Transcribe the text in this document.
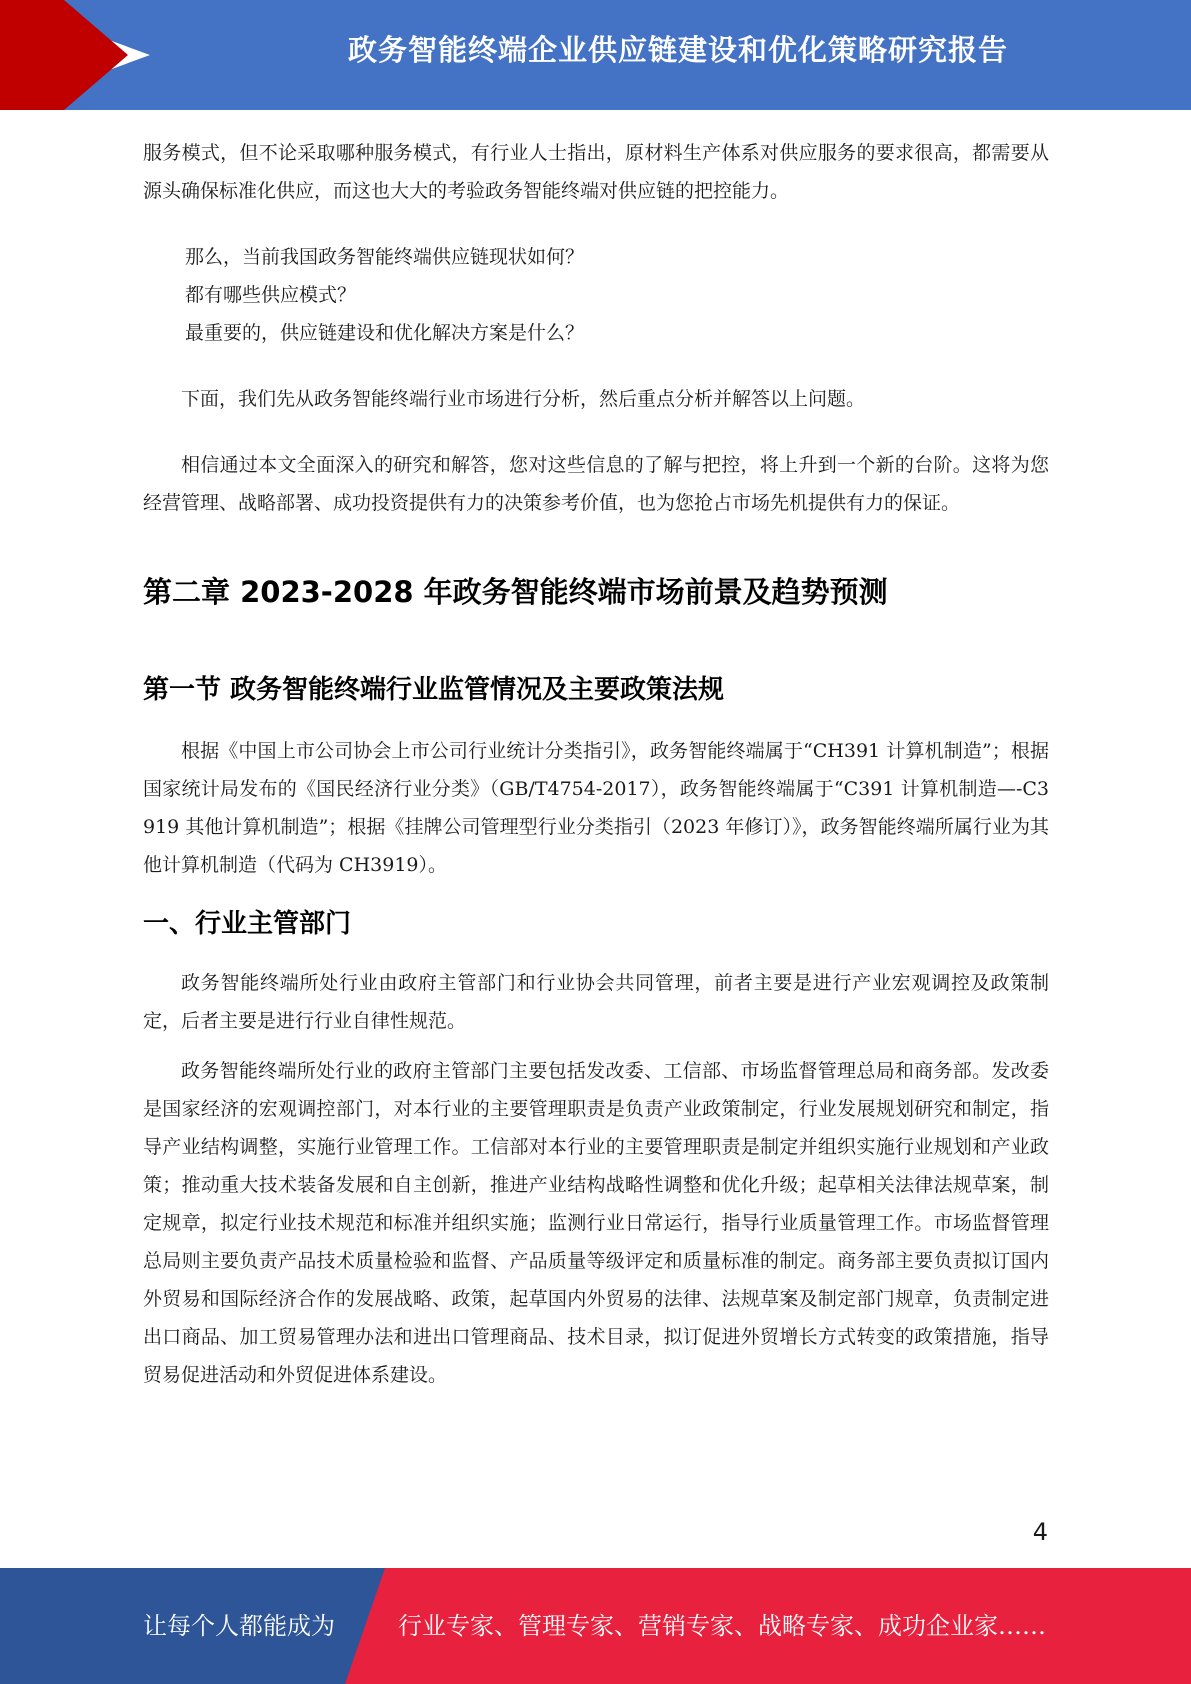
政务智能终端企业供应链建设和优化策略研究报告

服务模式，但不论采取哪种服务模式，有行业人士指出，原材料生产体系对供应服务的要求很高，都需要从源头确保标准化供应，而这也大大的考验政务智能终端对供应链的把控能力。

那么，当前我国政务智能终端供应链现状如何？

都有哪些供应模式？

最重要的，供应链建设和优化解决方案是什么？

下面，我们先从政务智能终端行业市场进行分析，然后重点分析并解答以上问题。

相信通过本文全面深入的研究和解答，您对这些信息的了解与把控，将上升到一个新的台阶。这将为您经营管理、战略部署、成功投资提供有力的决策参考价值，也为您抢占市场先机提供有力的保证。

第二章 2023-2028 年政务智能终端市场前景及趋势预测
第一节 政务智能终端行业监管情况及主要政策法规

根据《中国上市公司协会上市公司行业统计分类指引》，政务智能终端属于“CH391 计算机制造”；根据国家统计局发布的《国民经济行业分类》（GB/T4754-2017），政务智能终端属于“C391 计算机制造—-C3919 其他计算机制造”；根据《挂牌公司管理型行业分类指引（2023 年修订）》，政务智能终端所属行业为其他计算机制造（代码为 CH3919）。

一、行业主管部门

政务智能终端所处行业由政府主管部门和行业协会共同管理，前者主要是进行产业宏观调控及政策制定，后者主要是进行行业自律性规范。

政务智能终端所处行业的政府主管部门主要包括发改委、工信部、市场监督管理总局和商务部。发改委是国家经济的宏观调控部门，对本行业的主要管理职责是负责产业政策制定，行业发展规划研究和制定，指导产业结构调整，实施行业管理工作。工信部对本行业的主要管理职责是制定并组织实施行业规划和产业政策；推动重大技术装备发展和自主创新，推进产业结构战略性调整和优化升级；起草相关法律法规草案，制定规章，拟定行业技术规范和标准并组织实施；监测行业日常运行，指导行业质量管理工作。市场监督管理总局则主要负责产品技术质量检验和监督、产品质量等级评定和质量标准的制定。商务部主要负责拟订国内外贸易和国际经济合作的发展战略、政策，起草国内外贸易的法律、法规草案及制定部门规章，负责制定进出口商品、加工贸易管理办法和进出口管理商品、技术目录，拟订促进外贸增长方式转变的政策措施，指导贸易促进活动和外贸促进体系建设。

4
让每个人都能成为	行业专家、管理专家、营销专家、战略专家、成功企业家……
